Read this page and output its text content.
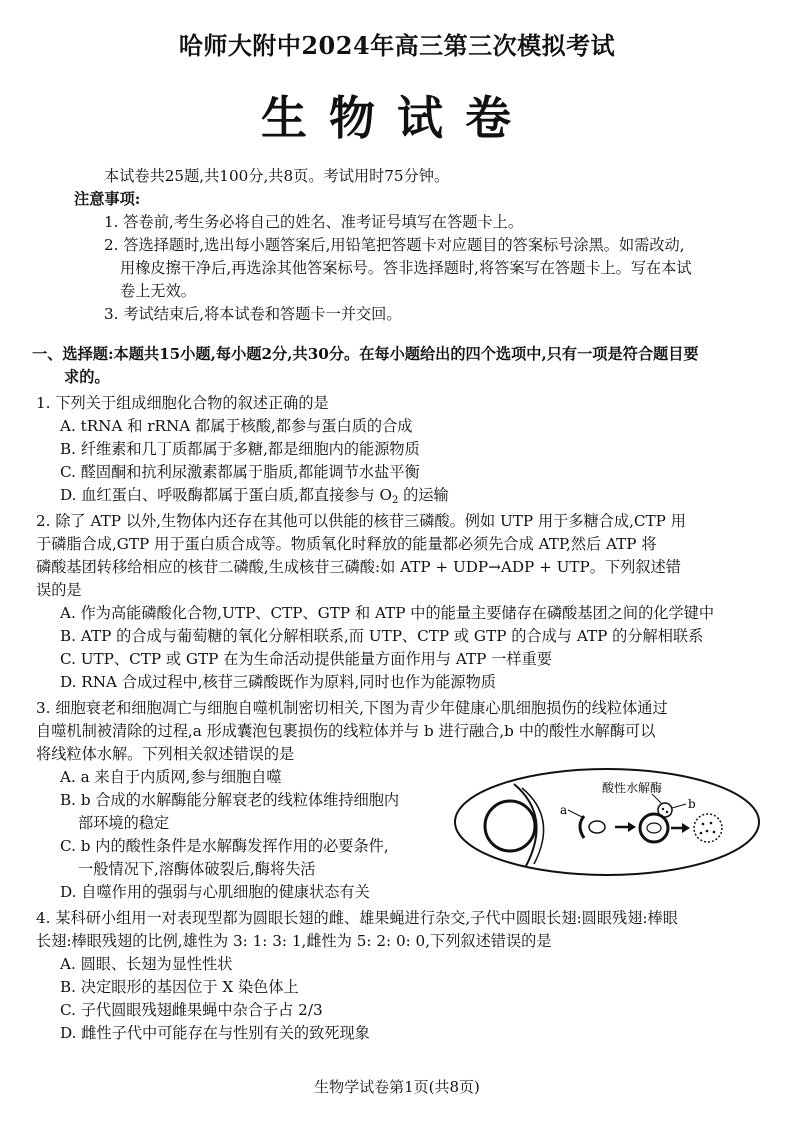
哈师大附中2024年高三第三次模拟考试
生物试卷
本试卷共25题,共100分,共8页。考试用时75分钟。
注意事项:
1. 答卷前,考生务必将自己的姓名、准考证号填写在答题卡上。
2. 答选择题时,选出每小题答案后,用铅笔把答题卡对应题目的答案标号涂黑。如需改动,
用橡皮擦干净后,再选涂其他答案标号。答非选择题时,将答案写在答题卡上。写在本试
卷上无效。
3. 考试结束后,将本试卷和答题卡一并交回。
一、选择题:本题共15小题,每小题2分,共30分。在每小题给出的四个选项中,只有一项是符合题目要
求的。
1. 下列关于组成细胞化合物的叙述正确的是
A. tRNA 和 rRNA 都属于核酸,都参与蛋白质的合成
B. 纤维素和几丁质都属于多糖,都是细胞内的能源物质
C. 醛固酮和抗利尿激素都属于脂质,都能调节水盐平衡
D. 血红蛋白、呼吸酶都属于蛋白质,都直接参与 $O_2$ 的运输
2. 除了 ATP 以外,生物体内还存在其他可以供能的核苷三磷酸。例如 UTP 用于多糖合成,CTP 用
于磷脂合成,GTP 用于蛋白质合成等。物质氧化时释放的能量都必须先合成 ATP,然后 ATP 将
磷酸基团转移给相应的核苷二磷酸,生成核苷三磷酸:如 ATP + UDP→ADP + UTP。下列叙述错
误的是
A. 作为高能磷酸化合物,UTP、CTP、GTP 和 ATP 中的能量主要储存在磷酸基团之间的化学键中
B. ATP 的合成与葡萄糖的氧化分解相联系,而 UTP、CTP 或 GTP 的合成与 ATP 的分解相联系
C. UTP、CTP 或 GTP 在为生命活动提供能量方面作用与 ATP 一样重要
D. RNA 合成过程中,核苷三磷酸既作为原料,同时也作为能源物质
3. 细胞衰老和细胞凋亡与细胞自噬机制密切相关,下图为青少年健康心肌细胞损伤的线粒体通过
自噬机制被清除的过程,a 形成囊泡包裹损伤的线粒体并与 b 进行融合,b 中的酸性水解酶可以
将线粒体水解。下列相关叙述错误的是
A. a 来自于内质网,参与细胞自噬
B. b 合成的水解酶能分解衰老的线粒体维持细胞内
部环境的稳定
C. b 内的酸性条件是水解酶发挥作用的必要条件,
一般情况下,溶酶体破裂后,酶将失活
D. 自噬作用的强弱与心肌细胞的健康状态有关
a	b
酸性水解酶
4. 某科研小组用一对表现型都为圆眼长翅的雌、雄果蝇进行杂交,子代中圆眼长翅:圆眼残翅:棒眼
长翅:棒眼残翅的比例,雄性为 3: 1: 3: 1,雌性为 5: 2: 0: 0,下列叙述错误的是
A. 圆眼、长翅为显性性状
B. 决定眼形的基因位于 X 染色体上
C. 子代圆眼残翅雌果蝇中杂合子占 2/3
D. 雌性子代中可能存在与性别有关的致死现象
生物学试卷第1页(共8页)
